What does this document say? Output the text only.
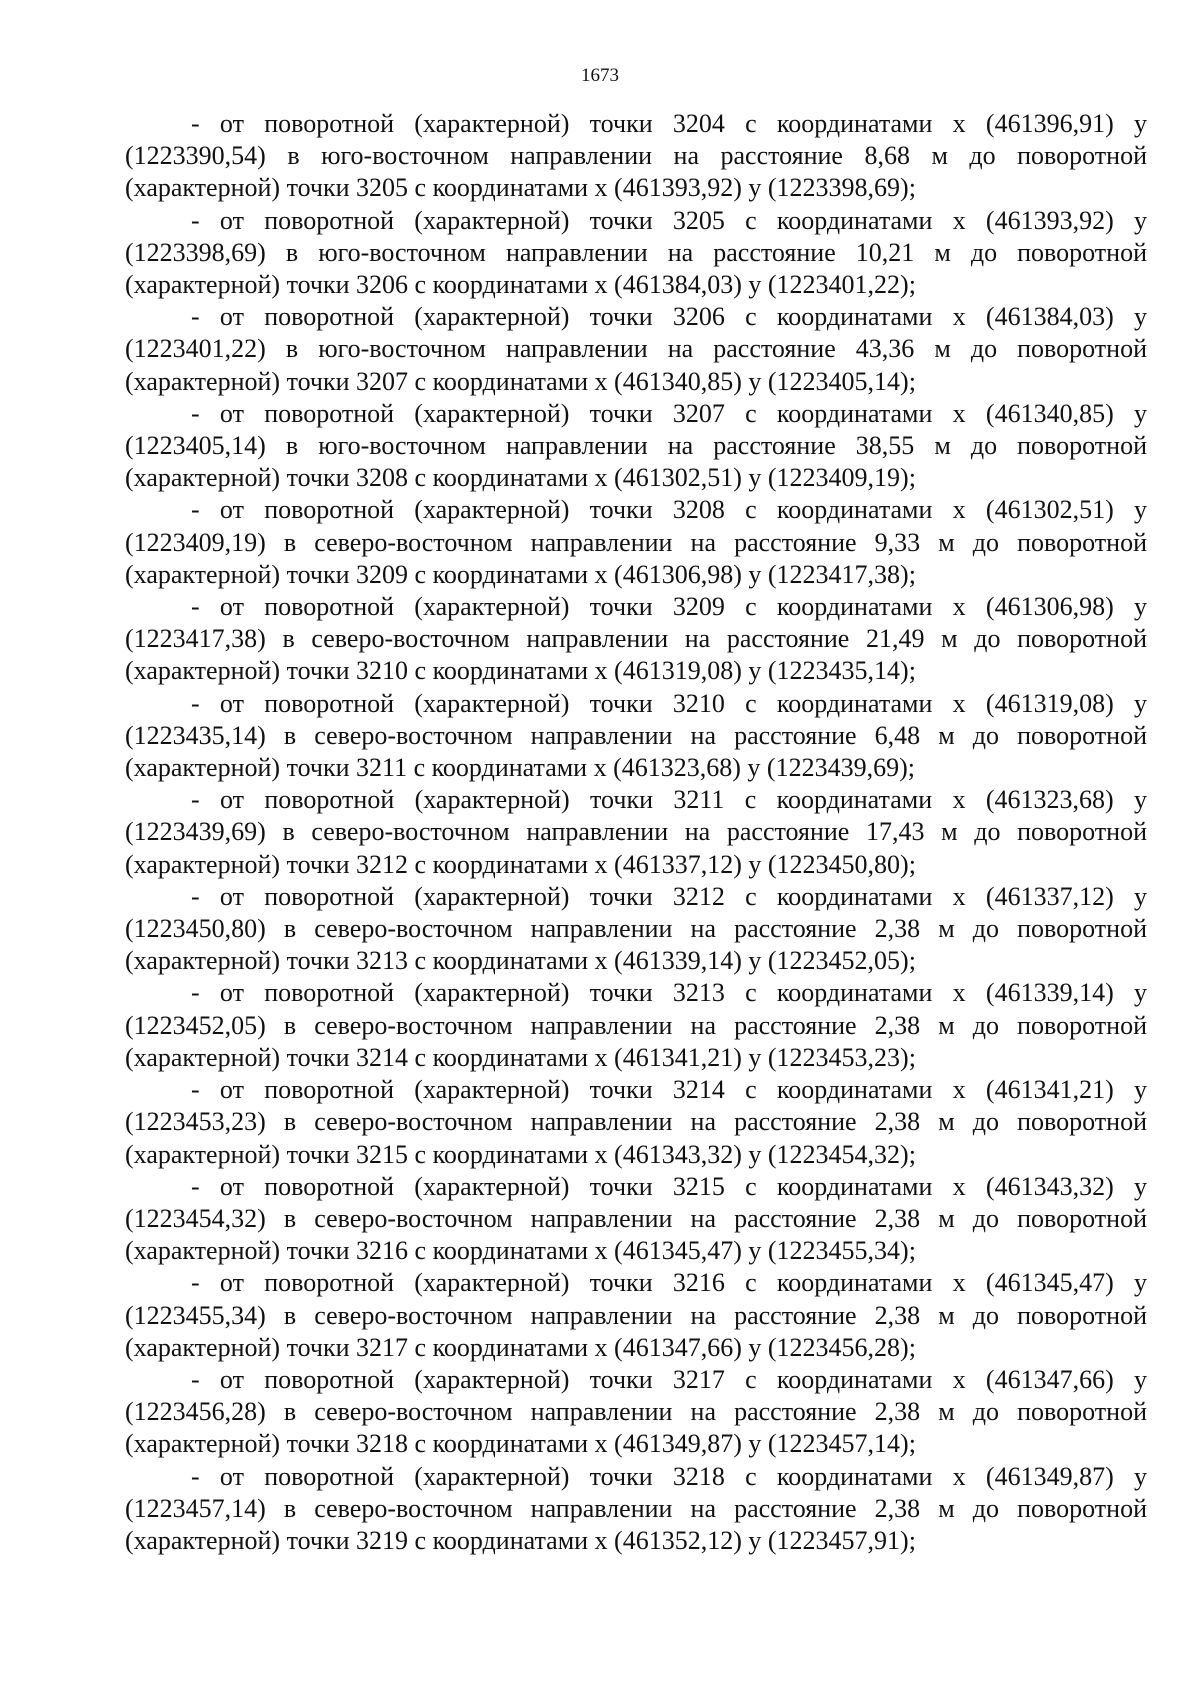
1673

- от поворотной (характерной) точки 3204 с координатами x (461396,91) y (1223390,54) в юго-восточном направлении на расстояние 8,68 м до поворотной (характерной) точки 3205 с координатами x (461393,92) y (1223398,69);

- от поворотной (характерной) точки 3205 с координатами x (461393,92) y (1223398,69) в юго-восточном направлении на расстояние 10,21 м до поворотной (характерной) точки 3206 с координатами x (461384,03) y (1223401,22);

- от поворотной (характерной) точки 3206 с координатами x (461384,03) y (1223401,22) в юго-восточном направлении на расстояние 43,36 м до поворотной (характерной) точки 3207 с координатами x (461340,85) y (1223405,14);

- от поворотной (характерной) точки 3207 с координатами x (461340,85) y (1223405,14) в юго-восточном направлении на расстояние 38,55 м до поворотной (характерной) точки 3208 с координатами x (461302,51) y (1223409,19);

- от поворотной (характерной) точки 3208 с координатами x (461302,51) y (1223409,19) в северо-восточном направлении на расстояние 9,33 м до поворотной (характерной) точки 3209 с координатами x (461306,98) y (1223417,38);

- от поворотной (характерной) точки 3209 с координатами x (461306,98) y (1223417,38) в северо-восточном направлении на расстояние 21,49 м до поворотной (характерной) точки 3210 с координатами x (461319,08) y (1223435,14);

- от поворотной (характерной) точки 3210 с координатами x (461319,08) y (1223435,14) в северо-восточном направлении на расстояние 6,48 м до поворотной (характерной) точки 3211 с координатами x (461323,68) y (1223439,69);

- от поворотной (характерной) точки 3211 с координатами x (461323,68) y (1223439,69) в северо-восточном направлении на расстояние 17,43 м до поворотной (характерной) точки 3212 с координатами x (461337,12) y (1223450,80);

- от поворотной (характерной) точки 3212 с координатами x (461337,12) y (1223450,80) в северо-восточном направлении на расстояние 2,38 м до поворотной (характерной) точки 3213 с координатами x (461339,14) y (1223452,05);

- от поворотной (характерной) точки 3213 с координатами x (461339,14) y (1223452,05) в северо-восточном направлении на расстояние 2,38 м до поворотной (характерной) точки 3214 с координатами x (461341,21) y (1223453,23);

- от поворотной (характерной) точки 3214 с координатами x (461341,21) y (1223453,23) в северо-восточном направлении на расстояние 2,38 м до поворотной (характерной) точки 3215 с координатами x (461343,32) y (1223454,32);

- от поворотной (характерной) точки 3215 с координатами x (461343,32) y (1223454,32) в северо-восточном направлении на расстояние 2,38 м до поворотной (характерной) точки 3216 с координатами x (461345,47) y (1223455,34);

- от поворотной (характерной) точки 3216 с координатами x (461345,47) y (1223455,34) в северо-восточном направлении на расстояние 2,38 м до поворотной (характерной) точки 3217 с координатами x (461347,66) y (1223456,28);

- от поворотной (характерной) точки 3217 с координатами x (461347,66) y (1223456,28) в северо-восточном направлении на расстояние 2,38 м до поворотной (характерной) точки 3218 с координатами x (461349,87) y (1223457,14);

- от поворотной (характерной) точки 3218 с координатами x (461349,87) y (1223457,14) в северо-восточном направлении на расстояние 2,38 м до поворотной (характерной) точки 3219 с координатами x (461352,12) y (1223457,91);
